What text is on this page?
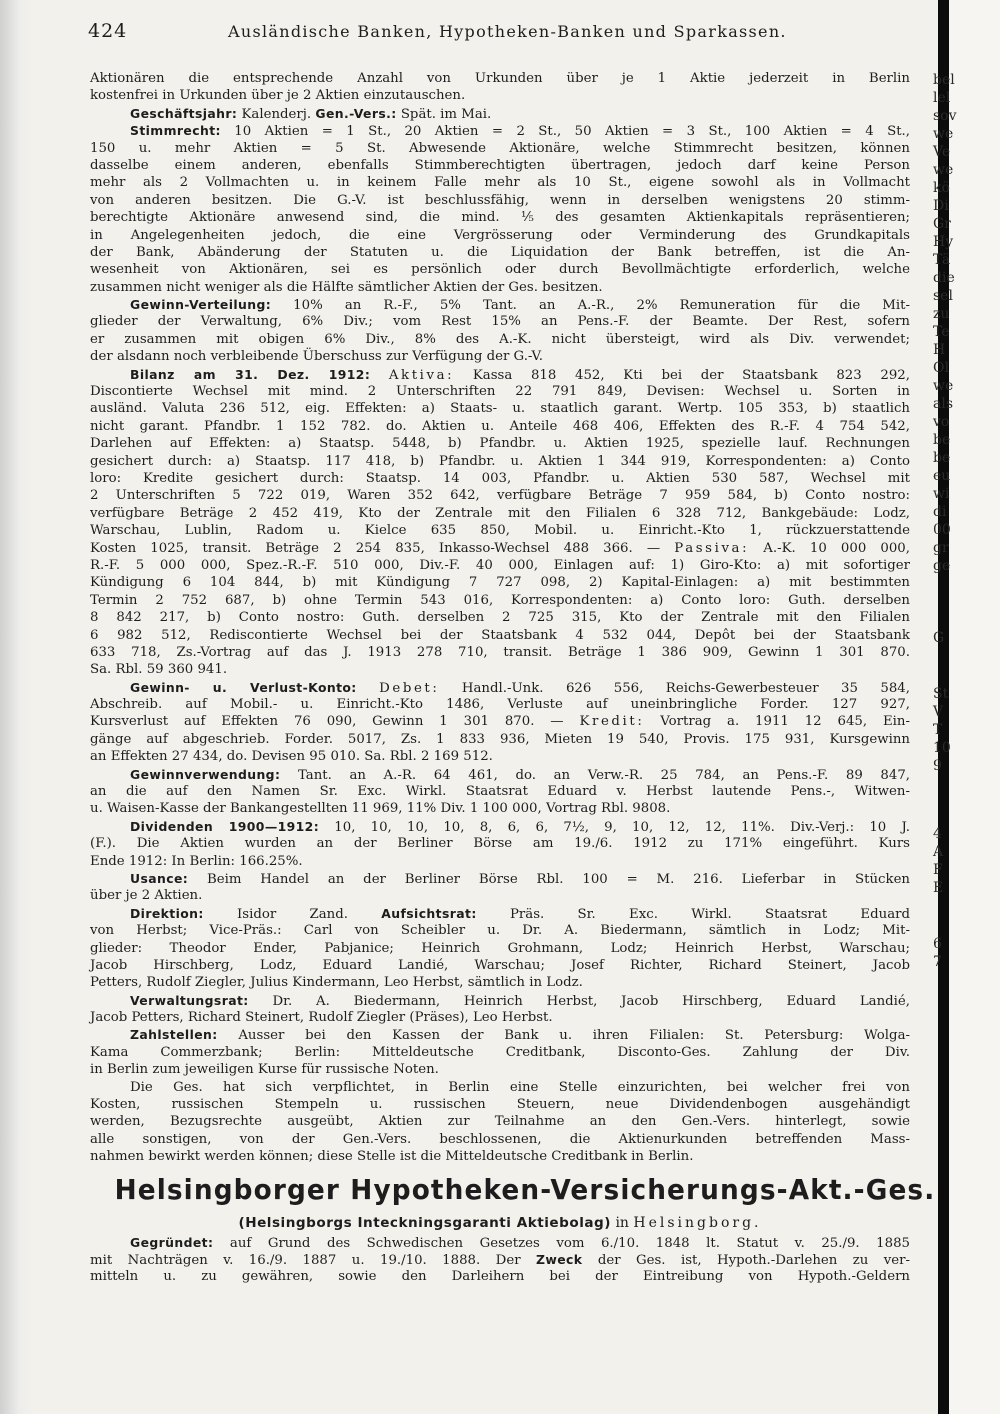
424	Ausländische Banken, Hypotheken-Banken und Sparkassen.
Aktionären die entsprechende Anzahl von Urkunden über je 1 Aktie jederzeit in Berlin
kostenfrei in Urkunden über je 2 Aktien einzutauschen.
Geschäftsjahr: Kalenderj. Gen.-Vers.: Spät. im Mai.
Stimmrecht: 10 Aktien = 1 St., 20 Aktien = 2 St., 50 Aktien = 3 St., 100 Aktien = 4 St.,
150 u. mehr Aktien = 5 St. Abwesende Aktionäre, welche Stimmrecht besitzen, können
dasselbe einem anderen, ebenfalls Stimmberechtigten übertragen, jedoch darf keine Person
mehr als 2 Vollmachten u. in keinem Falle mehr als 10 St., eigene sowohl als in Vollmacht
von anderen besitzen. Die G.-V. ist beschlussfähig, wenn in derselben wenigstens 20 stimm-
berechtigte Aktionäre anwesend sind, die mind. ⅕ des gesamten Aktienkapitals repräsentieren;
in Angelegenheiten jedoch, die eine Vergrösserung oder Verminderung des Grundkapitals
der Bank, Abänderung der Statuten u. die Liquidation der Bank betreffen, ist die An-
wesenheit von Aktionären, sei es persönlich oder durch Bevollmächtigte erforderlich, welche
zusammen nicht weniger als die Hälfte sämtlicher Aktien der Ges. besitzen.
Gewinn-Verteilung: 10% an R.-F., 5% Tant. an A.-R., 2% Remuneration für die Mit-
glieder der Verwaltung, 6% Div.; vom Rest 15% an Pens.-F. der Beamte. Der Rest, sofern
er zusammen mit obigen 6% Div., 8% des A.-K. nicht übersteigt, wird als Div. verwendet;
der alsdann noch verbleibende Überschuss zur Verfügung der G.-V.
Bilanz am 31. Dez. 1912: Aktiva: Kassa 818 452, Kti bei der Staatsbank 823 292,
Discontierte Wechsel mit mind. 2 Unterschriften 22 791 849, Devisen: Wechsel u. Sorten in
ausländ. Valuta 236 512, eig. Effekten: a) Staats- u. staatlich garant. Wertp. 105 353, b) staatlich
nicht garant. Pfandbr. 1 152 782. do. Aktien u. Anteile 468 406, Effekten des R.-F. 4 754 542,
Darlehen auf Effekten: a) Staatsp. 5448, b) Pfandbr. u. Aktien 1925, spezielle lauf. Rechnungen
gesichert durch: a) Staatsp. 117 418, b) Pfandbr. u. Aktien 1 344 919, Korrespondenten: a) Conto
loro: Kredite gesichert durch: Staatsp. 14 003, Pfandbr. u. Aktien 530 587, Wechsel mit
2 Unterschriften 5 722 019, Waren 352 642, verfügbare Beträge 7 959 584, b) Conto nostro:
verfügbare Beträge 2 452 419, Kto der Zentrale mit den Filialen 6 328 712, Bankgebäude: Lodz,
Warschau, Lublin, Radom u. Kielce 635 850, Mobil. u. Einricht.-Kto 1, rückzuerstattende
Kosten 1025, transit. Beträge 2 254 835, Inkasso-Wechsel 488 366. — Passiva: A.-K. 10 000 000,
R.-F. 5 000 000, Spez.-R.-F. 510 000, Div.-F. 40 000, Einlagen auf: 1) Giro-Kto: a) mit sofortiger
Kündigung 6 104 844, b) mit Kündigung 7 727 098, 2) Kapital-Einlagen: a) mit bestimmten
Termin 2 752 687, b) ohne Termin 543 016, Korrespondenten: a) Conto loro: Guth. derselben
8 842 217, b) Conto nostro: Guth. derselben 2 725 315, Kto der Zentrale mit den Filialen
6 982 512, Rediscontierte Wechsel bei der Staatsbank 4 532 044, Depôt bei der Staatsbank
633 718, Zs.-Vortrag auf das J. 1913 278 710, transit. Beträge 1 386 909, Gewinn 1 301 870.
Sa. Rbl. 59 360 941.
Gewinn- u. Verlust-Konto: Debet: Handl.-Unk. 626 556, Reichs-Gewerbesteuer 35 584,
Abschreib. auf Mobil.- u. Einricht.-Kto 1486, Verluste auf uneinbringliche Forder. 127 927,
Kursverlust auf Effekten 76 090, Gewinn 1 301 870. — Kredit: Vortrag a. 1911 12 645, Ein-
gänge auf abgeschrieb. Forder. 5017, Zs. 1 833 936, Mieten 19 540, Provis. 175 931, Kursgewinn
an Effekten 27 434, do. Devisen 95 010. Sa. Rbl. 2 169 512.
Gewinnverwendung: Tant. an A.-R. 64 461, do. an Verw.-R. 25 784, an Pens.-F. 89 847,
an die auf den Namen Sr. Exc. Wirkl. Staatsrat Eduard v. Herbst lautende Pens.-, Witwen-
u. Waisen-Kasse der Bankangestellten 11 969, 11% Div. 1 100 000, Vortrag Rbl. 9808.
Dividenden 1900—1912: 10, 10, 10, 10, 8, 6, 6, 7½, 9, 10, 12, 12, 11%. Div.-Verj.: 10 J.
(F.). Die Aktien wurden an der Berliner Börse am 19./6. 1912 zu 171% eingeführt. Kurs
Ende 1912: In Berlin: 166.25%.
Usance: Beim Handel an der Berliner Börse Rbl. 100 = M. 216. Lieferbar in Stücken
über je 2 Aktien.
Direktion:	Isidor Zand.	Aufsichtsrat:	Präs. Sr. Exc. Wirkl. Staatsrat Eduard
von Herbst; Vice-Präs.: Carl von Scheibler u. Dr. A. Biedermann, sämtlich in Lodz; Mit-
glieder: Theodor Ender, Pabjanice; Heinrich Grohmann, Lodz; Heinrich Herbst, Warschau;
Jacob Hirschberg, Lodz, Eduard Landié, Warschau; Josef Richter, Richard Steinert, Jacob
Petters, Rudolf Ziegler, Julius Kindermann, Leo Herbst, sämtlich in Lodz.
Verwaltungsrat: Dr. A. Biedermann, Heinrich Herbst, Jacob Hirschberg, Eduard Landié,
Jacob Petters, Richard Steinert, Rudolf Ziegler (Präses), Leo Herbst.
Zahlstellen: Ausser bei den Kassen der Bank u. ihren Filialen: St. Petersburg: Wolga-
Kama Commerzbank; Berlin: Mitteldeutsche Creditbank, Disconto-Ges. Zahlung der Div.
in Berlin zum jeweiligen Kurse für russische Noten.
Die Ges. hat sich verpflichtet, in Berlin eine Stelle einzurichten, bei welcher frei von
Kosten, russischen Stempeln u. russischen Steuern, neue Dividendenbogen ausgehändigt
werden, Bezugsrechte ausgeübt, Aktien zur Teilnahme an den Gen.-Vers. hinterlegt, sowie
alle sonstigen, von der Gen.-Vers. beschlossenen, die Aktienurkunden betreffenden Mass-
nahmen bewirkt werden können; diese Stelle ist die Mitteldeutsche Creditbank in Berlin.
Helsingborger Hypotheken-Versicherungs-Akt.-Ges.
(Helsingborgs Inteckningsgaranti Aktiebolag) in Helsingborg.
Gegründet: auf Grund des Schwedischen Gesetzes vom 6./10. 1848 lt. Statut v. 25./9. 1885
mit Nachträgen v. 16./9. 1887 u. 19./10. 1888. Der Zweck der Ges. ist, Hypoth.-Darlehen zu ver-
mitteln u. zu gewähren, sowie den Darleihern bei der Eintreibung von Hypoth.-Geldern
bel
lel
sov
we
Ve
we
kö
Di
Gr
Hy
Tä
die
sel
zu
Te
H
Ol
we
als
vo
be
be
eu
wi
di
00
gr
ge
G
St
V
T
10
9
4
A
F
E
6
7
